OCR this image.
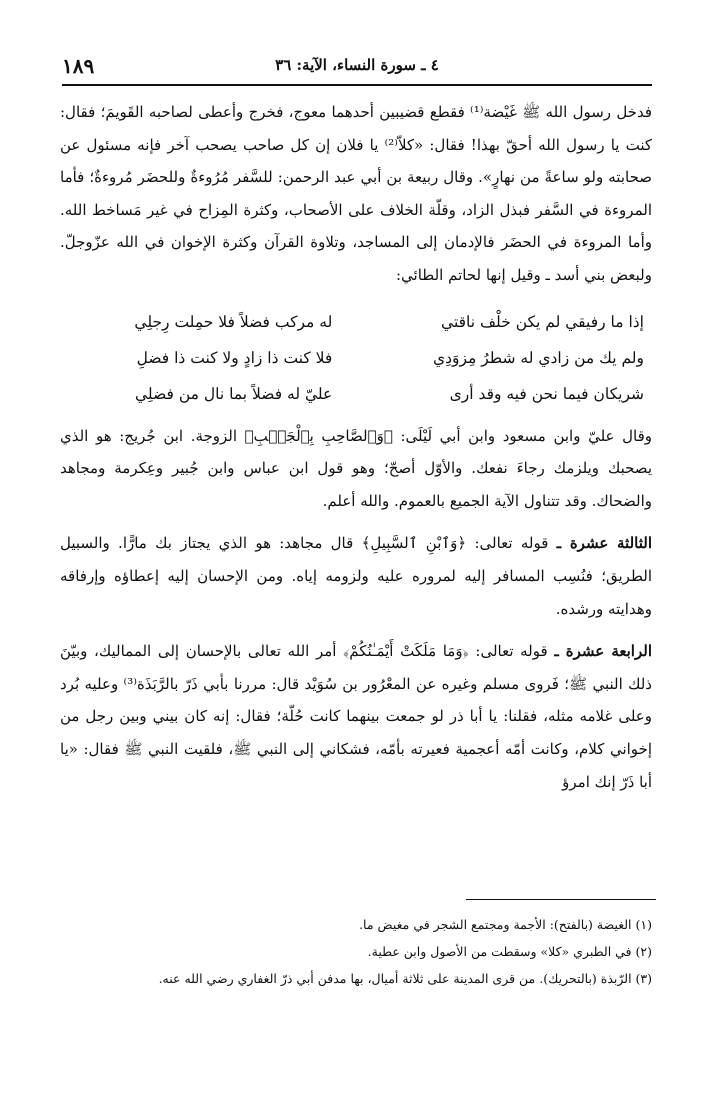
١٨٩	٤ ـ سورة النساء، الآية: ٣٦

فدخل رسول الله ﷺ غَيْضة⁽¹⁾ فقطع قضيبين أحدهما معوج، فخرج وأعطى لصاحبه القَويمَ؛ فقال: كنت يا رسول الله أحقّ بهذا! فقال: «كلاّ⁽²⁾ يا فلان إن كل صاحب يصحب آخر فإنه مسئول عن صحابته ولو ساعةً من نهارٍ». وقال ربيعة بن أبي عبد الرحمن: للسَّفر مُرُوءةٌ وللحضَر مُروءةٌ؛ فأما المروءة في السَّفر فبذل الزاد، وقلّة الخلاف على الأصحاب، وكثرة المِزاح في غير مَساخط الله. وأما المروءة في الحضَر فالإدمان إلى المساجد، وتلاوة القرآن وكثرة الإخوان في الله عزّوجلّ. ولبعض بني أسد ـ وقيل إنها لحاتم الطائي:

إذا ما رفيقي لم يكن خلْف ناقتي
له مركب فضلاً فلا حمِلت رِجلِي
ولم يك من زادي له شطرُ مِزوَدِي
فلا كنت ذا زادٍ ولا كنت ذا فضلِ
شريكان فيما نحن فيه وقد أرى
عليّ له فضلاً بما نال من فضلِي

وقال عليّ وابن مسعود وابن أبي لَيْلَى: ﴿وَٱلصَّاحِبِ بِٱلْجَنۢبِ﴾ الزوجة. ابن جُريج: هو الذي يصحبك ويلزمك رجاءَ نفعك. والأوّل أصحّ؛ وهو قول ابن عباس وابن جُبير وعِكرمة ومجاهد والضحاك. وقد تتناول الآية الجميع بالعموم. والله أعلم.

الثالثة عشرة ـ قوله تعالى: ﴿وَٱبْنِ ٱلسَّبِيلِ﴾ قال مجاهد: هو الذي يجتاز بك مارًّا. والسبيل الطريق؛ فنُسِب المسافر إليه لمروره عليه ولزومه إياه. ومن الإحسان إليه إعطاؤه وإرفاقه وهدايته ورشده.

الرابعة عشرة ـ قوله تعالى: ﴿وَمَا مَلَكَتْ أَيْمَـٰنُكُمْ﴾ أمر الله تعالى بالإحسان إلى المماليك، وبيّنَ ذلك النبي ﷺ؛ فَروى مسلم وغيره عن المعْرُور بن سُوَيْد قال: مررنا بأبي ذَرّ بالرَّبَذَة⁽³⁾ وعليه بُرد وعلى غلامه مثله، فقلنا: يا أبا ذر لو جمعت بينهما كانت حُلّة؛ فقال: إنه كان بيني وبين رجل من إخواني كلام، وكانت أمّه أعجمية فعيرته بأمّه، فشكاني إلى النبي ﷺ، فلقيت النبي ﷺ فقال: «يا أبا ذَرّ إنك امرؤ

(١) الغيضة (بالفتح): الأجمة ومجتمع الشجر في مغيض ما.

(٢) في الطبري «كلا» وسقطت من الأصول وابن عطية.

(٣) الرّبذة (بالتحريك). من قرى المدينة على ثلاثة أميال، بها مدفن أبي ذرّ الغفاري رضي الله عنه.
